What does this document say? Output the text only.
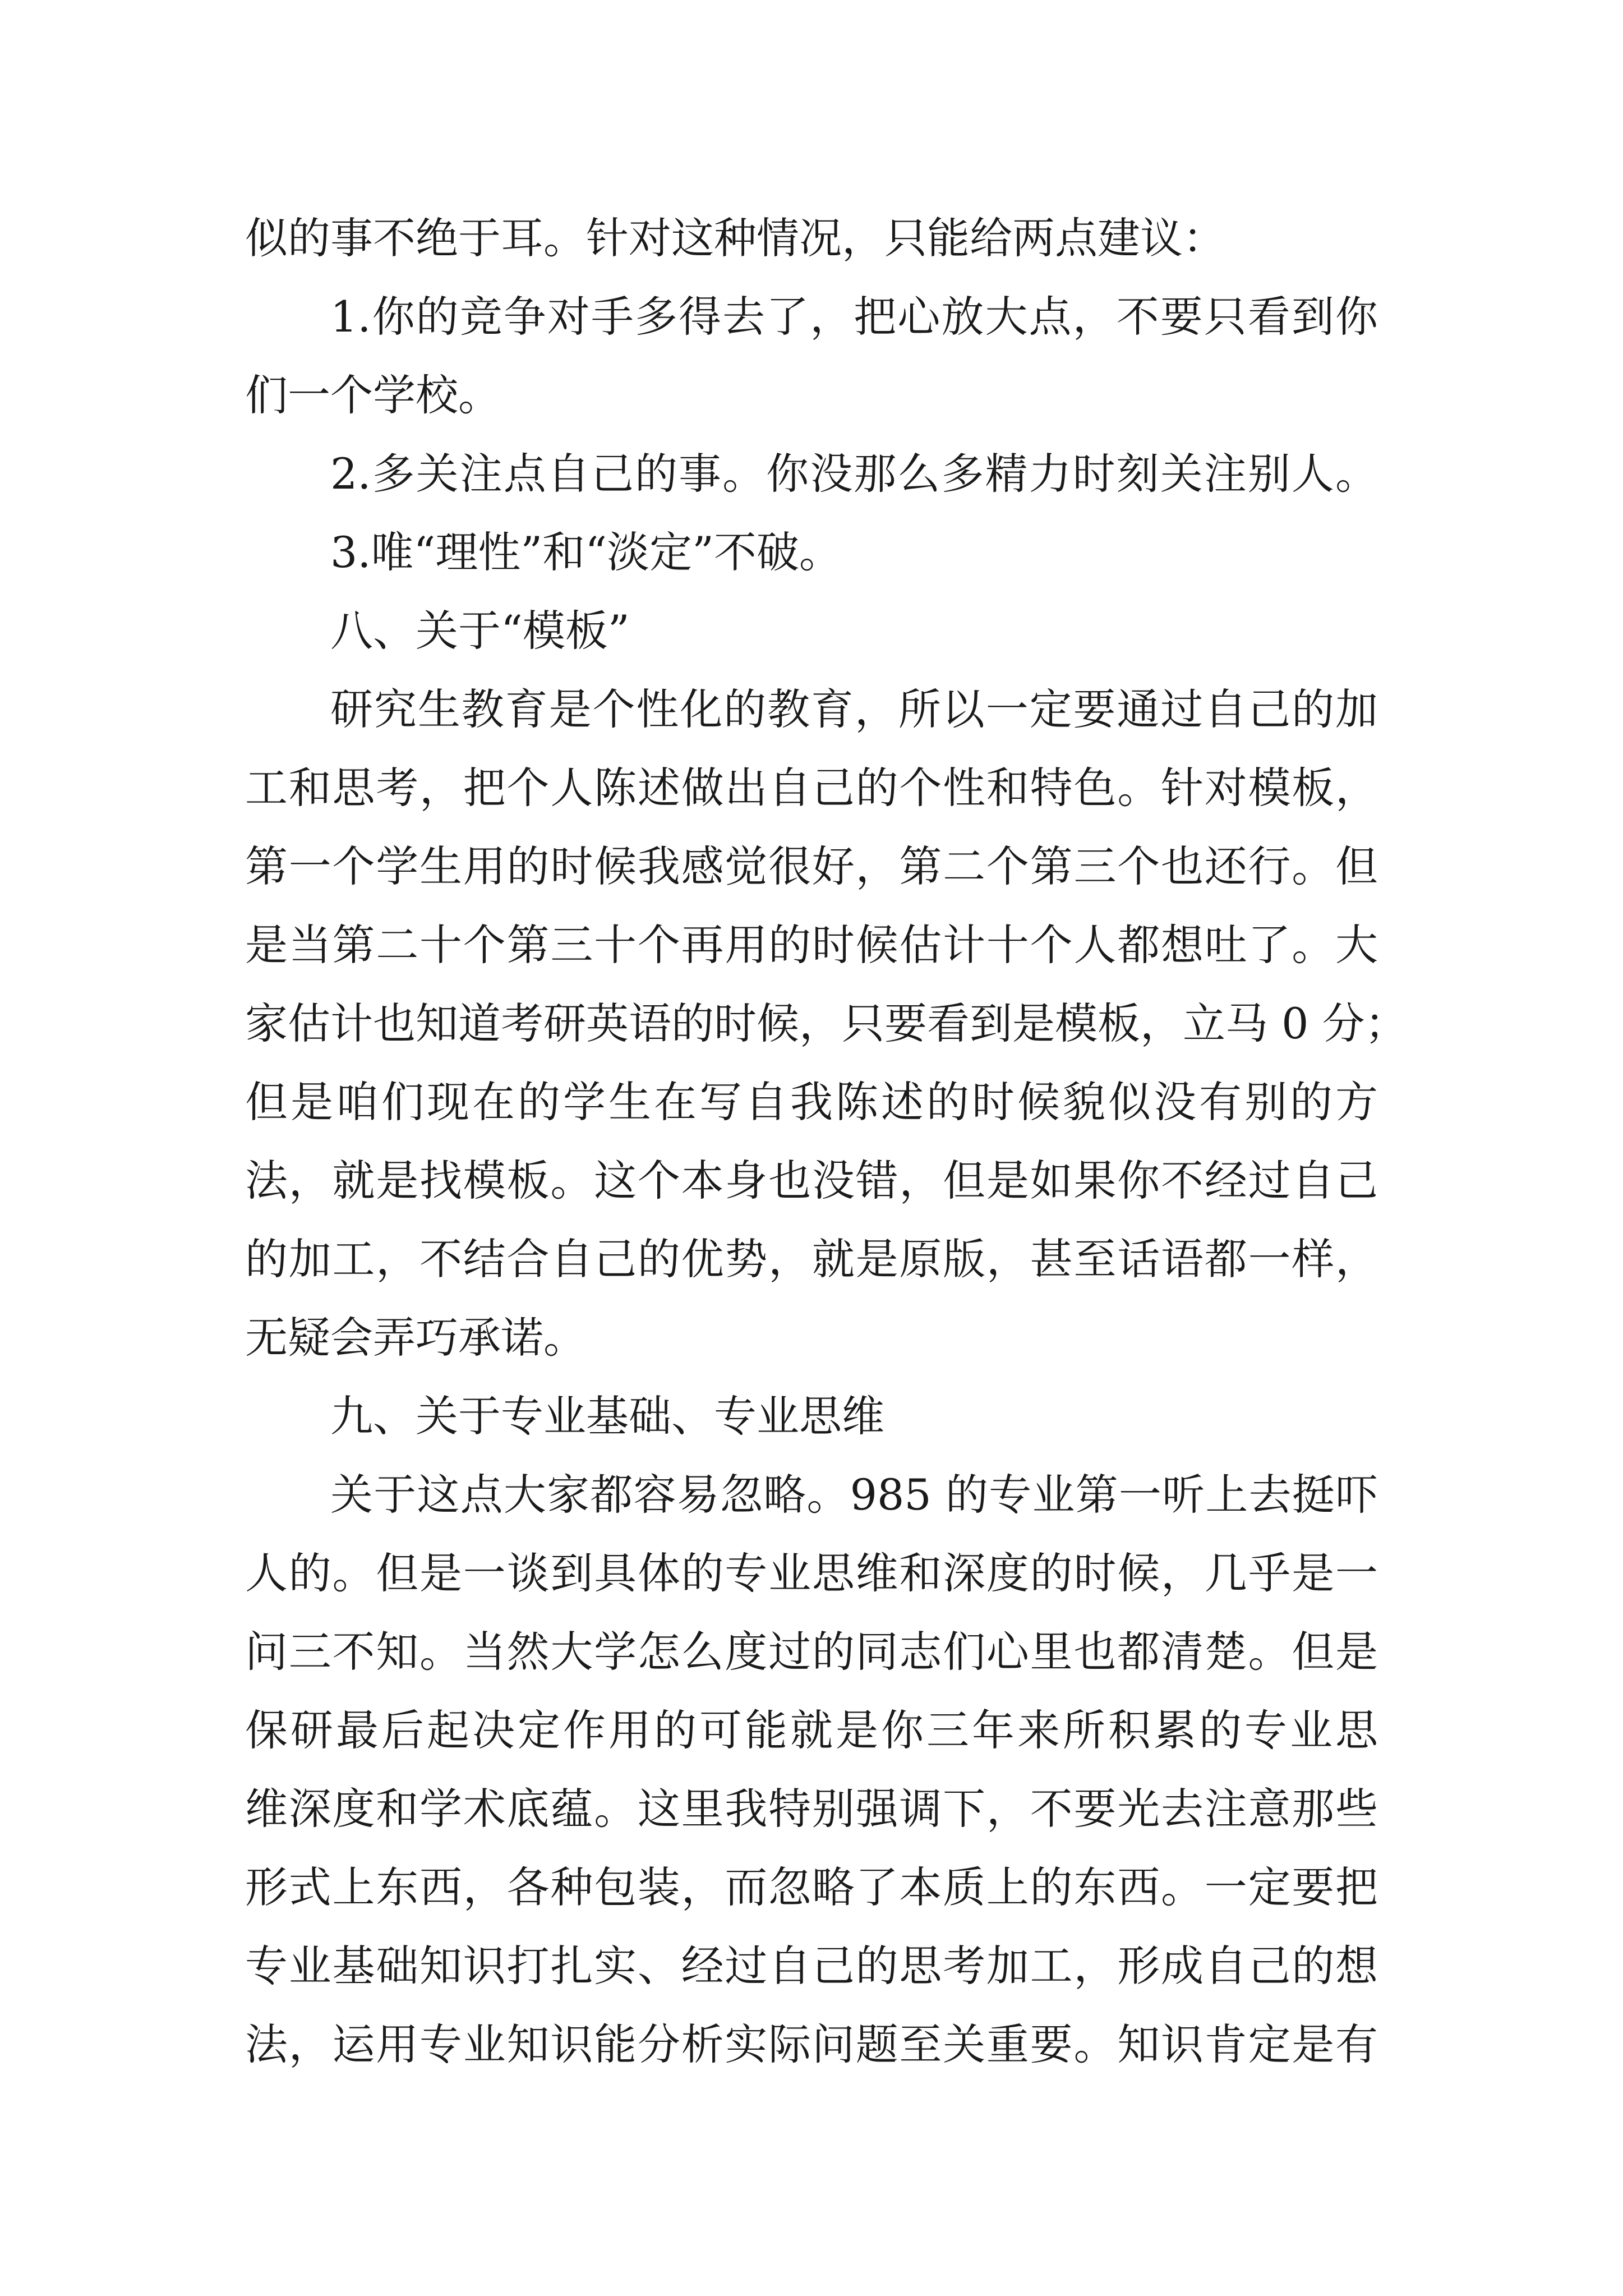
似的事不绝于耳。针对这种情况，只能给两点建议：
1.你的竞争对手多得去了，把心放大点，不要只看到你
们一个学校。
2.多关注点自己的事。你没那么多精力时刻关注别人。
3.唯“理性”和“淡定”不破。
八、关于“模板”
研究生教育是个性化的教育，所以一定要通过自己的加
工和思考，把个人陈述做出自己的个性和特色。针对模板，
第一个学生用的时候我感觉很好，第二个第三个也还行。但
是当第二十个第三十个再用的时候估计十个人都想吐了。大
家估计也知道考研英语的时候，只要看到是模板，立马 0 分；
但是咱们现在的学生在写自我陈述的时候貌似没有别的方
法，就是找模板。这个本身也没错，但是如果你不经过自己
的加工，不结合自己的优势，就是原版，甚至话语都一样，
无疑会弄巧承诺。
九、关于专业基础、专业思维
关于这点大家都容易忽略。985 的专业第一听上去挺吓
人的。但是一谈到具体的专业思维和深度的时候，几乎是一
问三不知。当然大学怎么度过的同志们心里也都清楚。但是
保研最后起决定作用的可能就是你三年来所积累的专业思
维深度和学术底蕴。这里我特别强调下，不要光去注意那些
形式上东西，各种包装，而忽略了本质上的东西。一定要把
专业基础知识打扎实、经过自己的思考加工，形成自己的想
法，运用专业知识能分析实际问题至关重要。知识肯定是有
